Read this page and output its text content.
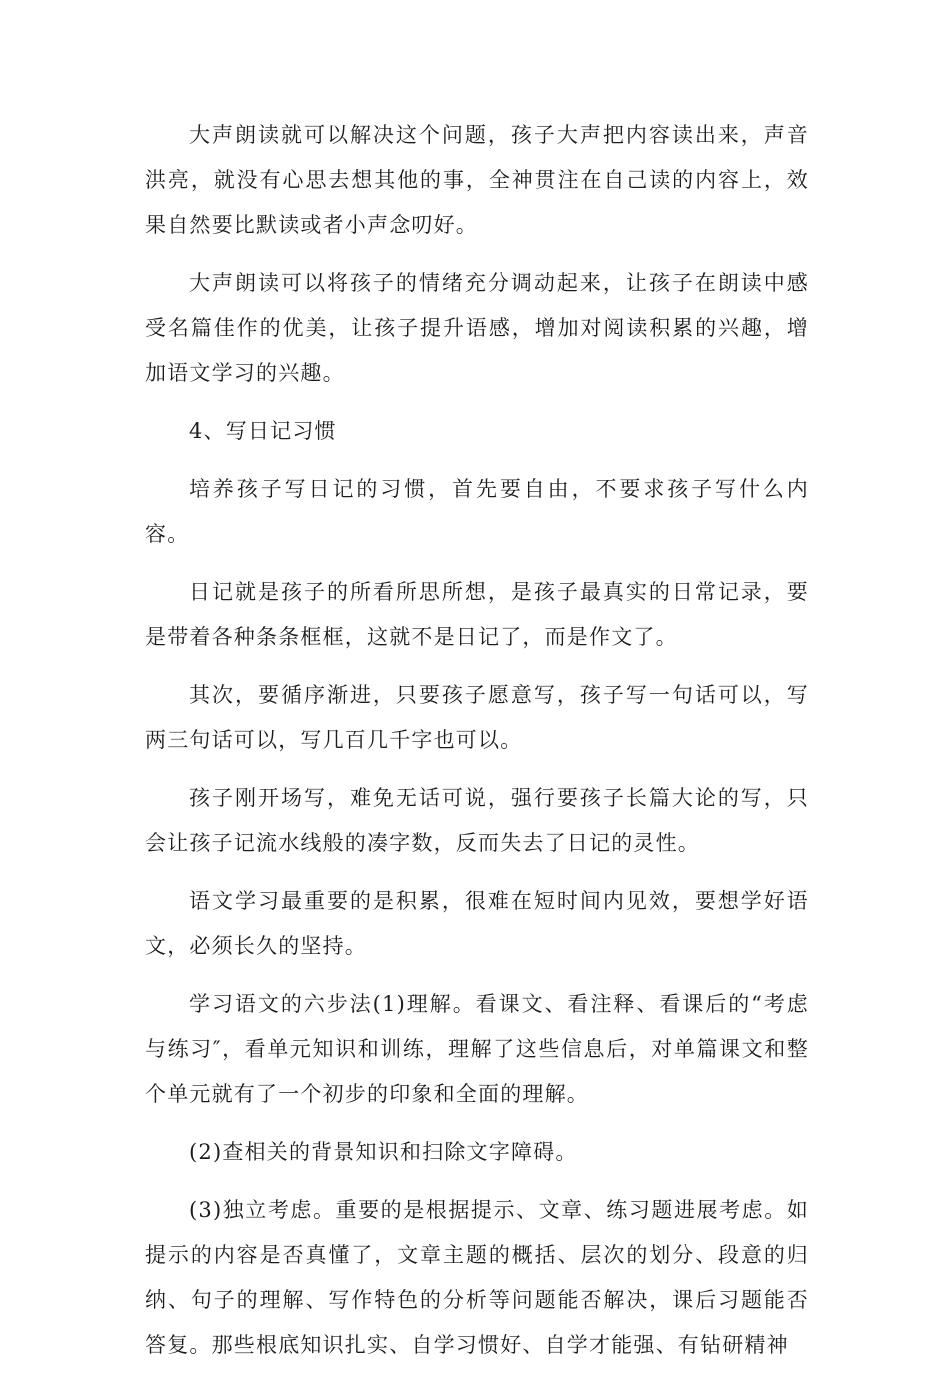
大声朗读就可以解决这个问题，孩子大声把内容读出来，声音洪亮，就没有心思去想其他的事，全神贯注在自己读的内容上，效果自然要比默读或者小声念叨好。

大声朗读可以将孩子的情绪充分调动起来，让孩子在朗读中感受名篇佳作的优美，让孩子提升语感，增加对阅读积累的兴趣，增加语文学习的兴趣。

4、写日记习惯

培养孩子写日记的习惯，首先要自由，不要求孩子写什么内容。

日记就是孩子的所看所思所想，是孩子最真实的日常记录，要是带着各种条条框框，这就不是日记了，而是作文了。

其次，要循序渐进，只要孩子愿意写，孩子写一句话可以，写两三句话可以，写几百几千字也可以。

孩子刚开场写，难免无话可说，强行要孩子长篇大论的写，只会让孩子记流水线般的凑字数，反而失去了日记的灵性。

语文学习最重要的是积累，很难在短时间内见效，要想学好语文，必须长久的坚持。

学习语文的六步法(1)理解。看课文、看注释、看课后的“考虑与练习″，看单元知识和训练，理解了这些信息后，对单篇课文和整个单元就有了一个初步的印象和全面的理解。

(2)查相关的背景知识和扫除文字障碍。

(3)独立考虑。重要的是根据提示、文章、练习题进展考虑。如提示的内容是否真懂了，文章主题的概括、层次的划分、段意的归纳、句子的理解、写作特色的分析等问题能否解决，课后习题能否答复。那些根底知识扎实、自学习惯好、自学才能强、有钻研精神
